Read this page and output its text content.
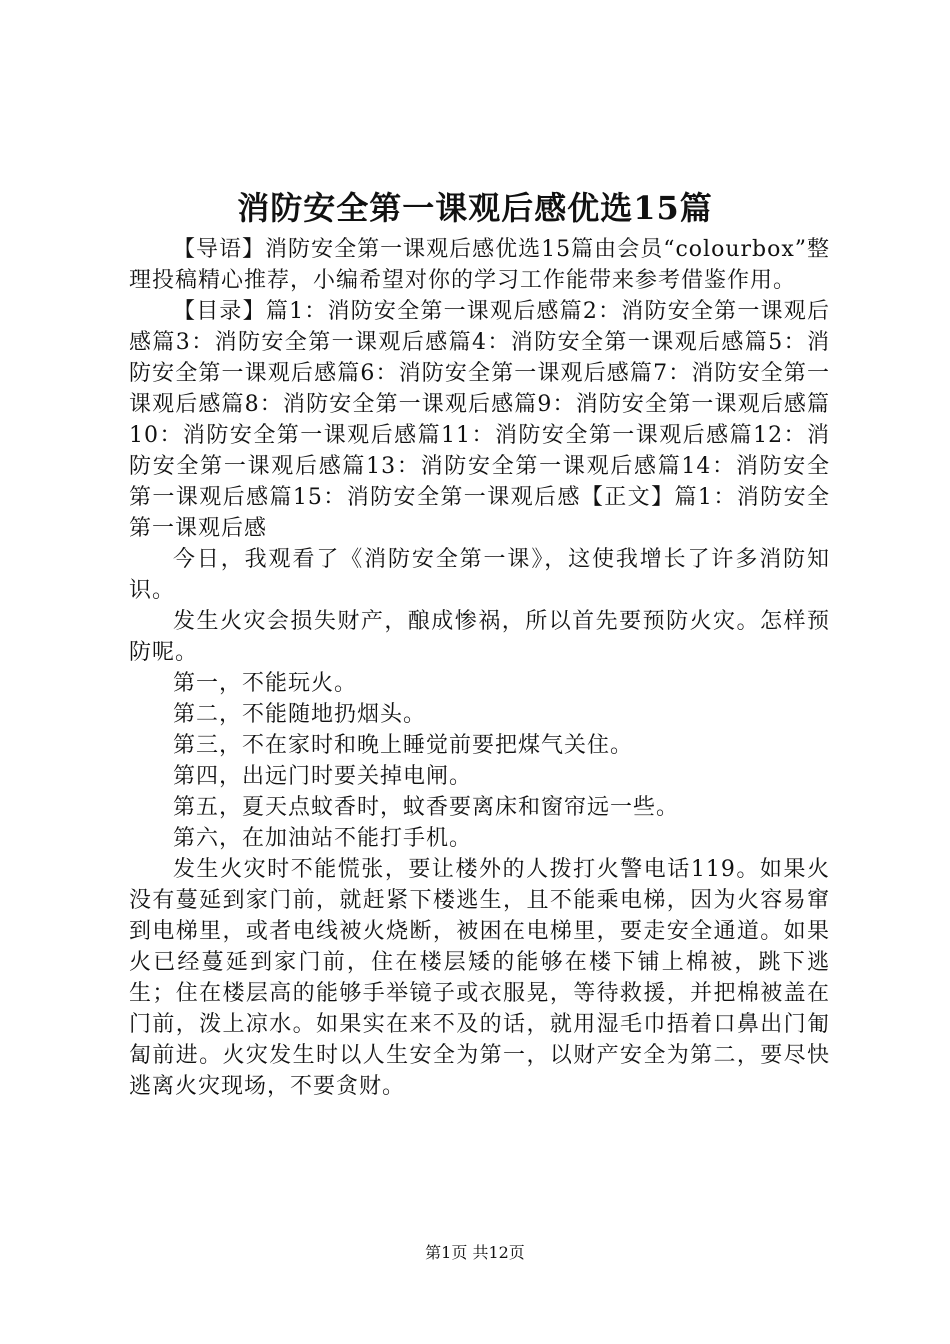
消防安全第一课观后感优选15篇

【导语】消防安全第一课观后感优选15篇由会员“colourbox”整理投稿精心推荐，小编希望对你的学习工作能带来参考借鉴作用。

【目录】篇1：消防安全第一课观后感篇2：消防安全第一课观后感篇3：消防安全第一课观后感篇4：消防安全第一课观后感篇5：消防安全第一课观后感篇6：消防安全第一课观后感篇7：消防安全第一课观后感篇8：消防安全第一课观后感篇9：消防安全第一课观后感篇10：消防安全第一课观后感篇11：消防安全第一课观后感篇12：消防安全第一课观后感篇13：消防安全第一课观后感篇14：消防安全第一课观后感篇15：消防安全第一课观后感【正文】篇1：消防安全第一课观后感

今日，我观看了《消防安全第一课》，这使我增长了许多消防知识。

发生火灾会损失财产，酿成惨祸，所以首先要预防火灾。怎样预防呢。

第一，不能玩火。

第二，不能随地扔烟头。

第三，不在家时和晚上睡觉前要把煤气关住。

第四，出远门时要关掉电闸。

第五，夏天点蚊香时，蚊香要离床和窗帘远一些。

第六，在加油站不能打手机。

发生火灾时不能慌张，要让楼外的人拨打火警电话119。如果火没有蔓延到家门前，就赶紧下楼逃生，且不能乘电梯，因为火容易窜到电梯里，或者电线被火烧断，被困在电梯里，要走安全通道。如果火已经蔓延到家门前，住在楼层矮的能够在楼下铺上棉被，跳下逃生；住在楼层高的能够手举镜子或衣服晃，等待救援，并把棉被盖在门前，泼上凉水。如果实在来不及的话，就用湿毛巾捂着口鼻出门匍匐前进。火灾发生时以人生安全为第一，以财产安全为第二，要尽快逃离火灾现场，不要贪财。

第1页 共12页
